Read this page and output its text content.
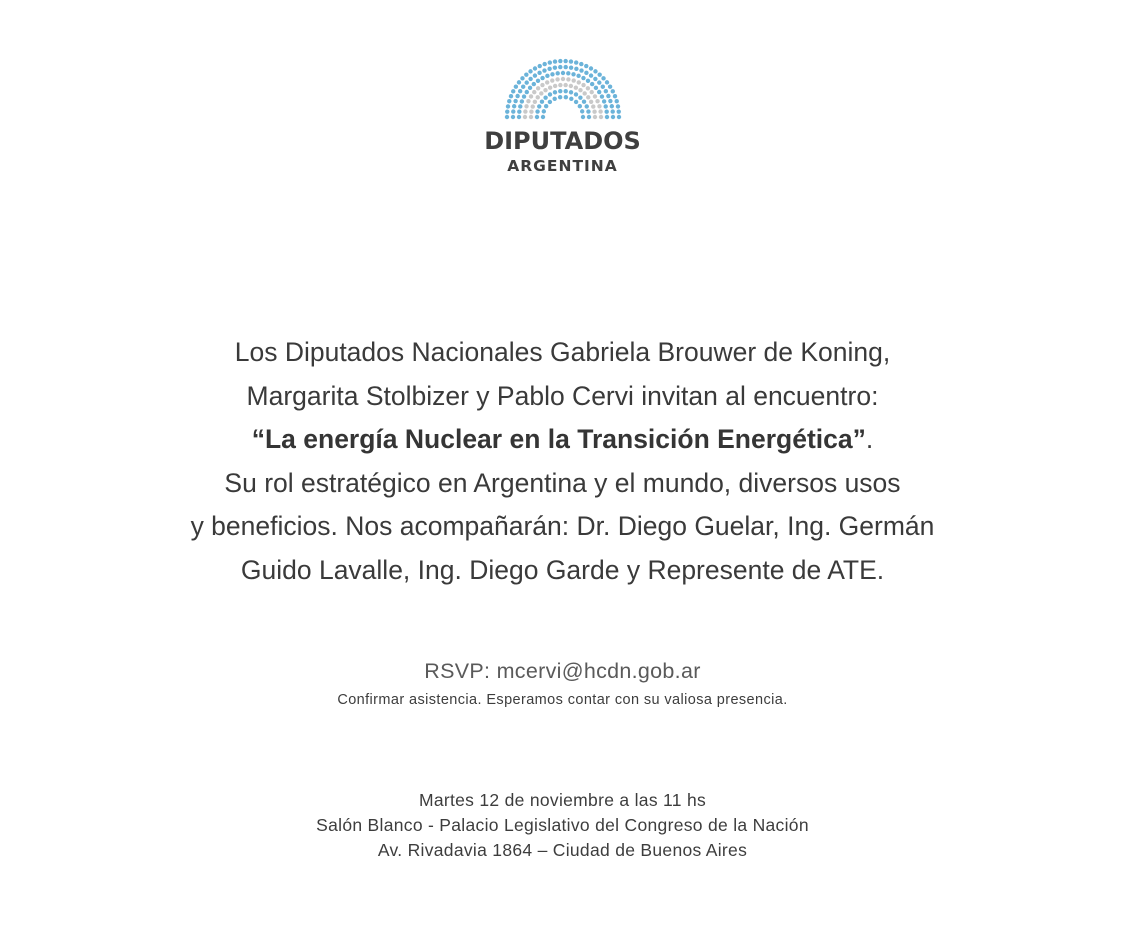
DIPUTADOS
ARGENTINA
Los Diputados Nacionales Gabriela Brouwer de Koning,
Margarita Stolbizer y Pablo Cervi invitan al encuentro:
“La energía Nuclear en la Transición Energética”.
Su rol estratégico en Argentina y el mundo, diversos usos
y beneficios. Nos acompañarán: Dr. Diego Guelar, Ing. Germán
Guido Lavalle, Ing. Diego Garde y Represente de ATE.
RSVP: mcervi@hcdn.gob.ar
Confirmar asistencia. Esperamos contar con su valiosa presencia.
Martes 12 de noviembre a las 11 hs
Salón Blanco - Palacio Legislativo del Congreso de la Nación
Av. Rivadavia 1864 – Ciudad de Buenos Aires
